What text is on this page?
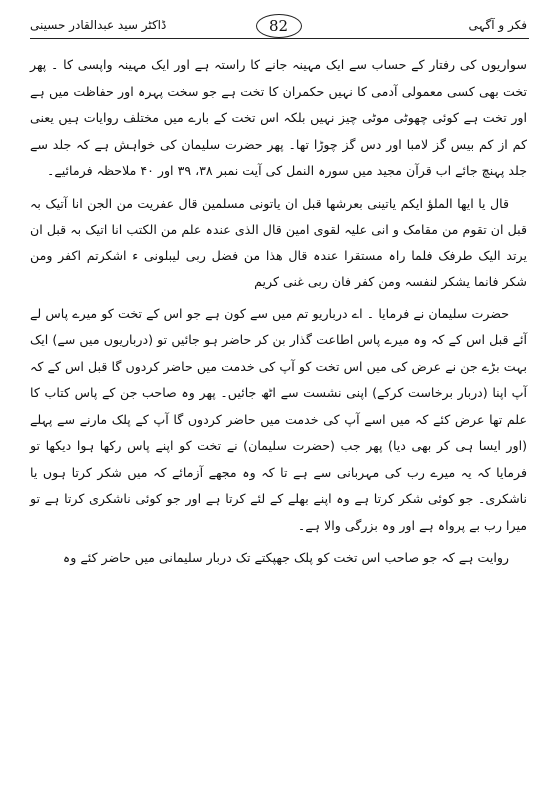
فکر و آگہی
82
ڈاکٹر سید عبدالقادر حسینی

سواریوں کی رفتار کے حساب سے ایک مہینہ جانے کا راستہ ہے اور ایک مہینہ واپسی کا ۔ پھر تخت بھی کسی معمولی آدمی کا نہیں حکمران کا تخت ہے جو سخت پہرہ اور حفاظت میں ہے اور تخت ہے کوئی چھوٹی موٹی چیز نہیں بلکہ اس تخت کے بارے میں مختلف روایات ہیں یعنی کم از کم بیس گز لامبا اور دس گز چوڑا تھا۔ پھر حضرت سلیمان کی خواہش ہے کہ جلد سے جلد پہنچ جائے اب قرآن مجید میں سورہ النمل کی آیت نمبر ۳۸، ۳۹ اور ۴۰ ملاحظہ فرمائیے۔

قال یا ایھا الملؤ ایکم یاتینی بعرشھا قبل ان یاتونی مسلمین قال عفریت من الجن انا آتیک بہ قبل ان تقوم من مقامک و انی علیہ لقوی امین قال الذی عندہ علم من الکتب انا اتیک بہ قبل ان یرتد الیک طرفک فلما راہ مستقرا عندہ قال ھذا من فضل ربی لیبلونی ء اشکرتم اکفر ومن شکر فانما یشکر لنفسہ ومن کفر فان ربی غنی کریم

حضرت سلیمان نے فرمایا ۔ اے درباریو تم میں سے کون ہے جو اس کے تخت کو میرے پاس لے آئے قبل اس کے کہ وہ میرے پاس اطاعت گذار بن کر حاضر ہو جائیں تو (درباریوں میں سے) ایک بہت بڑے جن نے عرض کی میں اس تخت کو آپ کی خدمت میں حاضر کردوں گا قبل اس کے کہ آپ اپنا (دربار برخاست کرکے) اپنی نشست سے اٹھ جائیں۔ پھر وہ صاحب جن کے پاس کتاب کا علم تھا عرض کئے کہ میں اسے آپ کی خدمت میں حاضر کردوں گا آپ کے پلک مارنے سے پہلے (اور ایسا ہی کر بھی دیا) پھر جب (حضرت سلیمان) نے تخت کو اپنے پاس رکھا ہوا دیکھا تو فرمایا کہ یہ میرے رب کی مہربانی سے ہے تا کہ وہ مجھے آزمائے کہ میں شکر کرتا ہوں یا ناشکری۔ جو کوئی شکر کرتا ہے وہ اپنے بھلے کے لئے کرتا ہے اور جو کوئی ناشکری کرتا ہے تو میرا رب بے پرواہ ہے اور وہ بزرگی والا ہے۔

روایت ہے کہ جو صاحب اس تخت کو پلک جھپکتے تک دربار سلیمانی میں حاضر کئے وہ
